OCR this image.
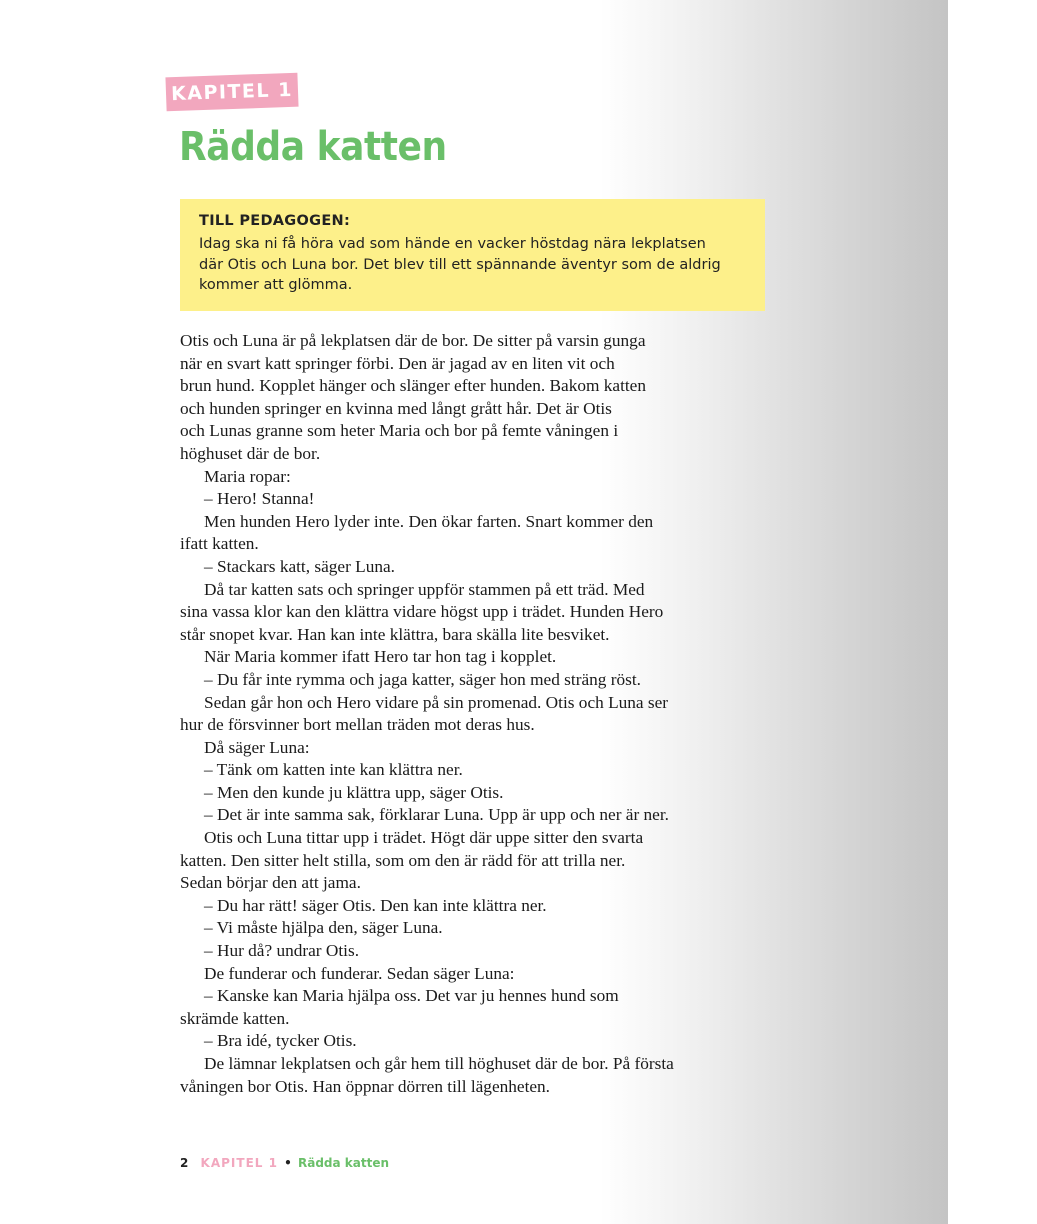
KAPITEL 1
Rädda katten

TILL PEDAGOGEN:

Idag ska ni få höra vad som hände en vacker höstdag nära lekplatsen
där Otis och Luna bor. Det blev till ett spännande äventyr som de aldrig
kommer att glömma.

Otis och Luna är på lekplatsen där de bor. De sitter på varsin gunga
när en svart katt springer förbi. Den är jagad av en liten vit och
brun hund. Kopplet hänger och slänger efter hunden. Bakom katten
och hunden springer en kvinna med långt grått hår. Det är Otis
och Lunas granne som heter Maria och bor på femte våningen i
höghuset där de bor.

Maria ropar:

– Hero! Stanna!

Men hunden Hero lyder inte. Den ökar farten. Snart kommer den
ifatt katten.

– Stackars katt, säger Luna.

Då tar katten sats och springer uppför stammen på ett träd. Med
sina vassa klor kan den klättra vidare högst upp i trädet. Hunden Hero
står snopet kvar. Han kan inte klättra, bara skälla lite besviket.

När Maria kommer ifatt Hero tar hon tag i kopplet.

– Du får inte rymma och jaga katter, säger hon med sträng röst.

Sedan går hon och Hero vidare på sin promenad. Otis och Luna ser
hur de försvinner bort mellan träden mot deras hus.

Då säger Luna:

– Tänk om katten inte kan klättra ner.

– Men den kunde ju klättra upp, säger Otis.

– Det är inte samma sak, förklarar Luna. Upp är upp och ner är ner.

Otis och Luna tittar upp i trädet. Högt där uppe sitter den svarta
katten. Den sitter helt stilla, som om den är rädd för att trilla ner.
Sedan börjar den att jama.

– Du har rätt! säger Otis. Den kan inte klättra ner.

– Vi måste hjälpa den, säger Luna.

– Hur då? undrar Otis.

De funderar och funderar. Sedan säger Luna:

– Kanske kan Maria hjälpa oss. Det var ju hennes hund som
skrämde katten.

– Bra idé, tycker Otis.

De lämnar lekplatsen och går hem till höghuset där de bor. På första
våningen bor Otis. Han öppnar dörren till lägenheten.

2 KAPITEL 1 • Rädda katten
